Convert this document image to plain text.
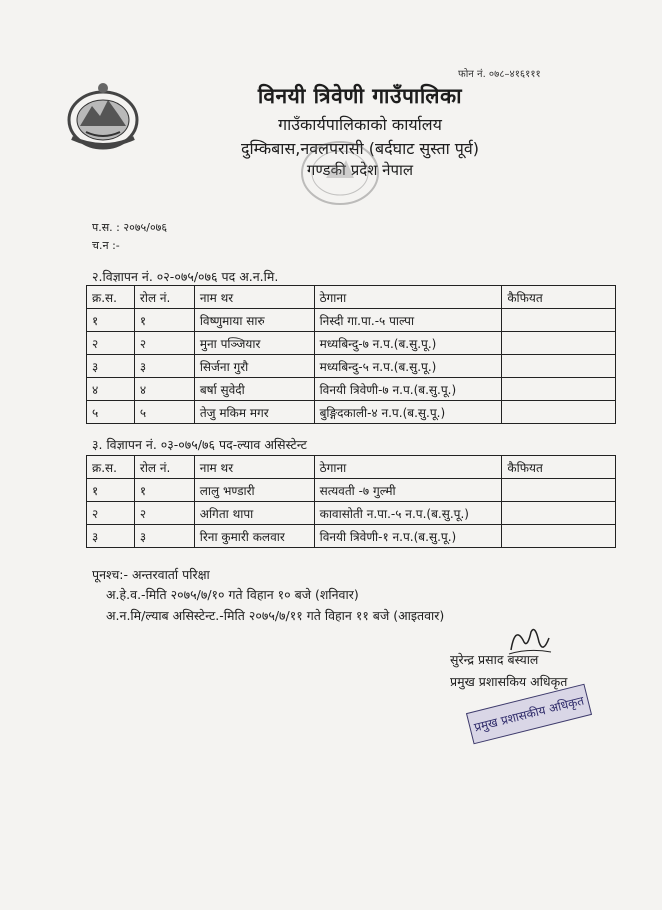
फोन नं. ०७८–४१६१११
विनयी त्रिवेणी गाउँपालिका
गाउँकार्यपालिकाको कार्यालय
दुम्किबास,नवलपरासी (बर्दघाट सुस्ता पूर्व)
गण्डकी प्रदेश नेपाल
प.स. : २०७५/०७६
च.न :-
२.विज्ञापन नं. ०२-०७५/०७६ पद अ.न.मि.
क्र.स.	रोल नं.	नाम थर	ठेगाना	कैफियत
१	१	विष्णुमाया सारु	निस्दी गा.पा.-५ पाल्पा	
२	२	मुना पञ्जियार	मध्यबिन्दु-७ न.प.(ब.सु.पू.)	
३	३	सिर्जना गुरौ	मध्यबिन्दु-५ न.प.(ब.सु.पू.)	
४	४	बर्षा सुवेदी	विनयी त्रिवेणी-७ न.प.(ब.सु.पू.)	
५	५	तेजु मकिम मगर	बुङ्गिदकाली-४ न.प.(ब.सु.पू.)	
३. विज्ञापन नं. ०३-०७५/७६ पद-ल्याव असिस्टेन्ट
क्र.स.	रोल नं.	नाम थर	ठेगाना	कैफियत
१	१	लालु भण्डारी	सत्यवती -७ गुल्मी	
२	२	अगिता थापा	कावासोती न.पा.-५ न.प.(ब.सु.पू.)	
३	३	रिना कुमारी कलवार	विनयी त्रिवेणी-१ न.प.(ब.सु.पू.)	
पूनश्च:- अन्तरवार्ता परिक्षा
अ.हे.व.-मिति २०७५/७/१० गते विहान १० बजे (शनिवार)
अ.न.मि/ल्याब असिस्टेन्ट.-मिति २०७५/७/११ गते विहान ११ बजे (आइतवार)
सुरेन्द्र प्रसाद बस्याल
प्रमुख प्रशासकिय अधिकृत
प्रमुख प्रशासकीय अधिकृत
